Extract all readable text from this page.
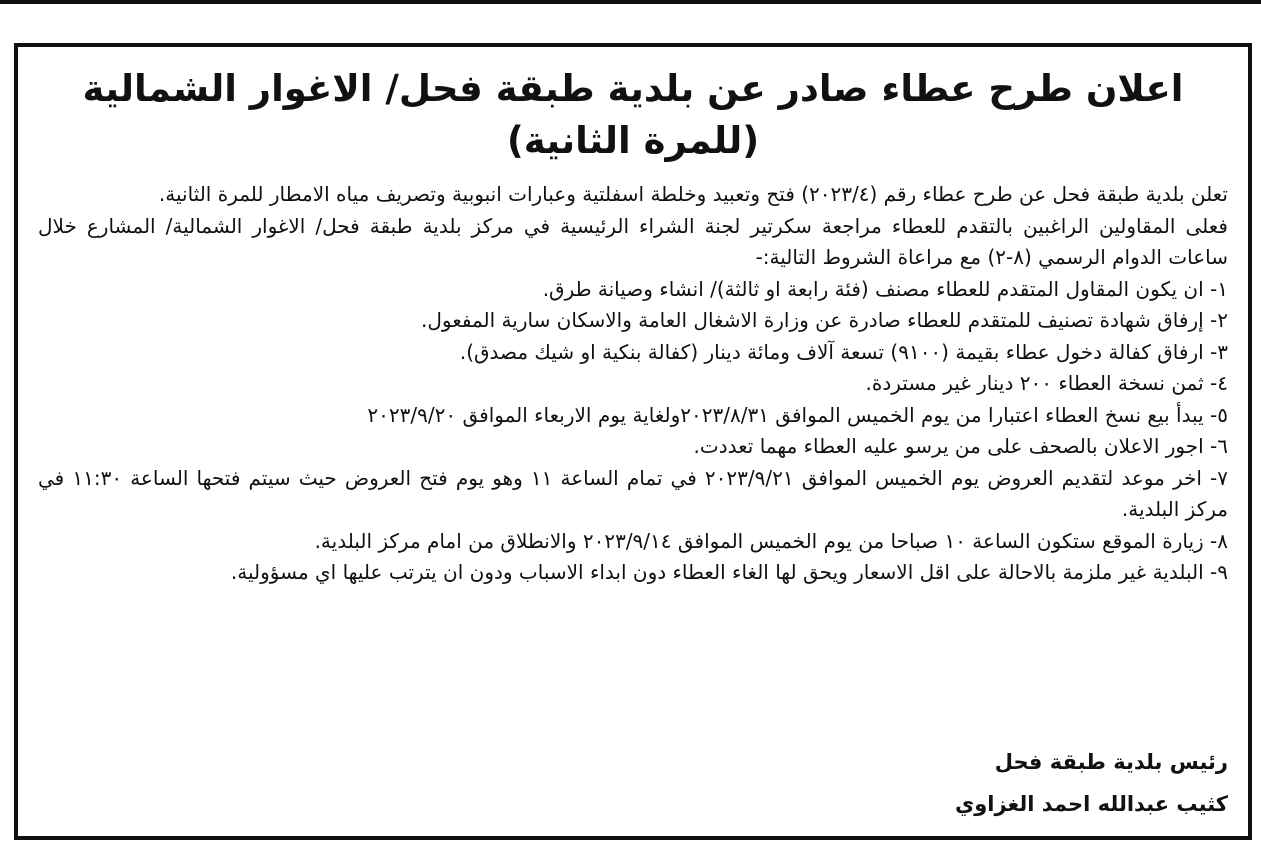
اعلان طرح عطاء صادر عن بلدية طبقة فحل/ الاغوار الشمالية
(للمرة الثانية)

تعلن بلدية طبقة فحل عن طرح عطاء رقم (٢٠٢٣/٤) فتح وتعبيد وخلطة اسفلتية وعبارات انبوبية وتصريف مياه الامطار للمرة الثانية.

فعلى المقاولين الراغبين بالتقدم للعطاء مراجعة سكرتير لجنة الشراء الرئيسية في مركز بلدية طبقة فحل/ الاغوار الشمالية/ المشارع خلال ساعات الدوام الرسمي (٨-٢) مع مراعاة الشروط التالية:-

١- ان يكون المقاول المتقدم للعطاء مصنف (فئة رابعة او ثالثة)/ انشاء وصيانة طرق.

٢- إرفاق شهادة تصنيف للمتقدم للعطاء صادرة عن وزارة الاشغال العامة والاسكان سارية المفعول.

٣- ارفاق كفالة دخول عطاء بقيمة (٩١٠٠) تسعة آلاف ومائة دينار (كفالة بنكية او شيك مصدق).

٤- ثمن نسخة العطاء ٢٠٠ دينار غير مستردة.

٥- يبدأ بيع نسخ العطاء اعتبارا من يوم الخميس الموافق ٢٠٢٣/٨/٣١ولغاية يوم الاربعاء الموافق ٢٠٢٣/٩/٢٠

٦- اجور الاعلان بالصحف على من يرسو عليه العطاء مهما تعددت.

٧- اخر موعد لتقديم العروض يوم الخميس الموافق ٢٠٢٣/٩/٢١ في تمام الساعة ١١ وهو يوم فتح العروض حيث سيتم فتحها الساعة ١١:٣٠ في مركز البلدية.

٨- زيارة الموقع ستكون الساعة ١٠ صباحا من يوم الخميس الموافق ٢٠٢٣/٩/١٤ والانطلاق من امام مركز البلدية.

٩- البلدية غير ملزمة بالاحالة على اقل الاسعار ويحق لها الغاء العطاء دون ابداء الاسباب ودون ان يترتب عليها اي مسؤولية.

رئيس بلدية طبقة فحل
كثيب عبدالله احمد الغزاوي
